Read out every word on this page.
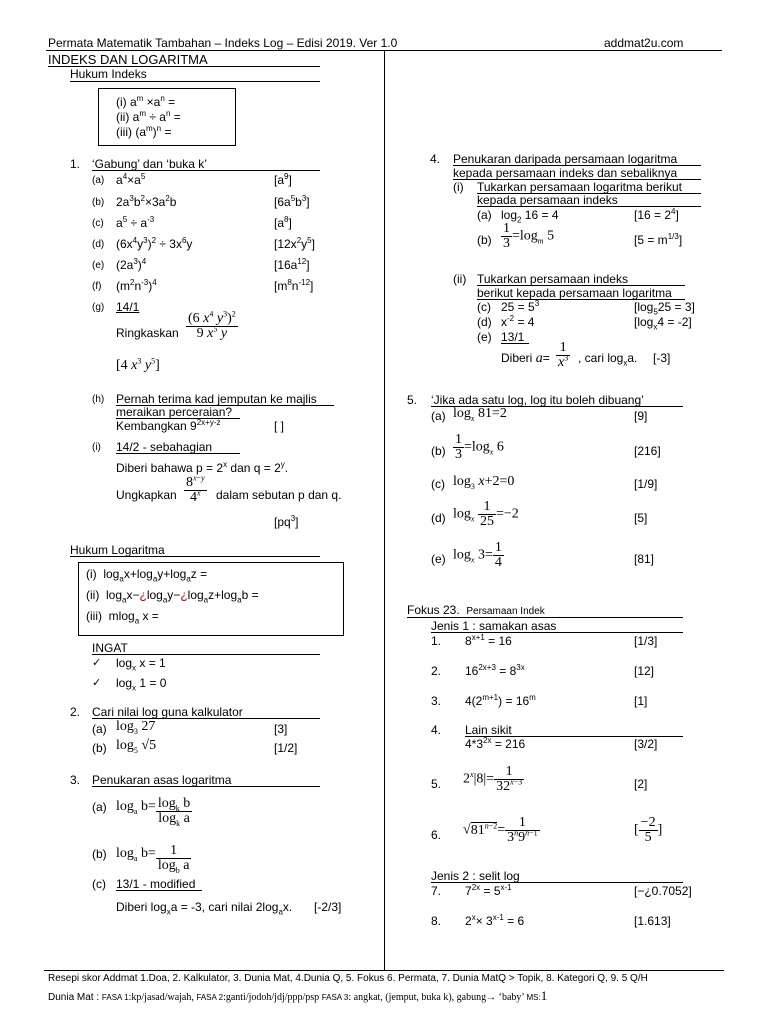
Permata Matematik Tambahan – Indeks Log – Edisi 2019. Ver 1.0	addmat2u.com
INDEKS DAN LOGARITMA
Hukum Indeks
(i) $a^m \times a^n$ =
(ii) $a^m \div a^n$ =
(iii) $(a^m)^n$ =
1. ‘Gabung’ dan ‘buka k’
(a) $a^4\times a^5$	$[a^9]$
(b) $2a^3b^2\times 3a^2b$	$[6a^5b^3]$
(c) $a^5 \div a^{-3}$	$[a^8]$
(d) $(6x^4y^3)^2 \div 3x^6y$	$[12x^2y^5]$
(e) $(2a^3)^4$	$[16a^{12}]$
(f) $(m^2n^{-3})^4$	$[m^8n^{-12}]$
(g) 14/1
Ringkaskan $\frac{(6 x^4 y^3)^2}{9 x^5 y}$
[4 $x^3$ $y^5$]
(h) Pernah terima kad jemputan ke majlis
meraikan perceraian?
Kembangkan $9^{2x+y-z}$	[ ]
(i) 14/2 - sebahagian
Diberi bahawa $p = 2^x$ dan $q = 2^y$.
Ungkapkan $\frac{8^{x-y}}{4^x}$ dalam sebutan p dan q.
$[pq^3]$
Hukum Logaritma
(i)  $\log_ax+\log_ay+\log_az$ =
(ii)  $\log_ax-¿\log_ay-¿\log_az+\log_ab$ =
(iii) mlog$_a$ x =
INGAT
✓ $\log_x x = 1$
✓ $\log_x 1 = 0$
2. Cari nilai log guna kalkulator
(a) $\log_3 27$	[3]
(b) $\log_5 √5$	[1/2]
3. Penukaran asas logaritma
(a) $\log_a b= \frac{\log_k b}{\log_k a}$
(b) $\log_a b= \frac{1}{\log_b a}$
(c) 13/1 - modified
Diberi $\log_xa = -3$, cari nilai $2\log_ax$. [-2/3]
4. Penukaran daripada persamaan logaritma
kepada persamaan indeks dan sebaliknya
(i) Tukarkan persamaan logaritma berikut
kepada persamaan indeks
(a) $\log_2 16 = 4$	$[16 = 2^4]$
$(b) \frac{1}{3} =\log_m$ 5	$[5 = m^{1/3}]$
(ii) Tukarkan persamaan indeks
berikut kepada persamaan logaritma
(c) $25 = 5^3$	$[\log_525 = 3]$
(d) $x^{-2} = 4$	$[\log_x4 = -2]$
(e) 13/1
Diberi $a= \frac{1}{x^3}$ , cari $\log_xa$. [-3]
5. ‘Jika ada satu log, log itu boleh dibuang’
(a) $\log_x 81=2$	[9]
$(b) \frac{1}{3} =\log_x$ 6	[216]
(c) $\log_3 x+2=0$	[1/9]
(d) $\log_x \frac{1}{25} =-2$	[5]
(e) $\log_x 3= \frac{1}{4}$	[81]
Fokus 23. Persamaan Indek
Jenis 1 : samakan asas
1. $8^{x+1} = 16$	[1/3]
2. $16^{2x+3} = 8^{3x}$	[12]
3. $4(2^{m+1}) = 16^m$	[1]
4. Lain sikit
$4*3^{2x} = 216$	[3/2]
5. $2^x|8|= \frac{1}{32^{x-3}}$	[2]
6. $√81^{n-2}= \frac{1}{3^n9^{n-1}}$	[ $\frac{-2}{5}$ ]
Jenis 2 : selit log
7. $7^{2x} = 5^{x-1}$	[−¿0.7052]
8. $2^x\times 3^{x-1} = 6$	[1.613]
Resepi skor Addmat 1.Doa, 2. Kalkulator, 3. Dunia Mat, 4.Dunia Q, 5. Fokus 6. Permata, 7. Dunia MatQ > Topik, 8. Kategori Q, 9. 5 Q/H
Dunia Mat : FASA 1:kp/jasad/wajah, FASA 2:ganti/jodoh/jdj/ppp/psp FASA 3: angkat, (jemput, buka k), gabung→ ‘baby’ MS:1
